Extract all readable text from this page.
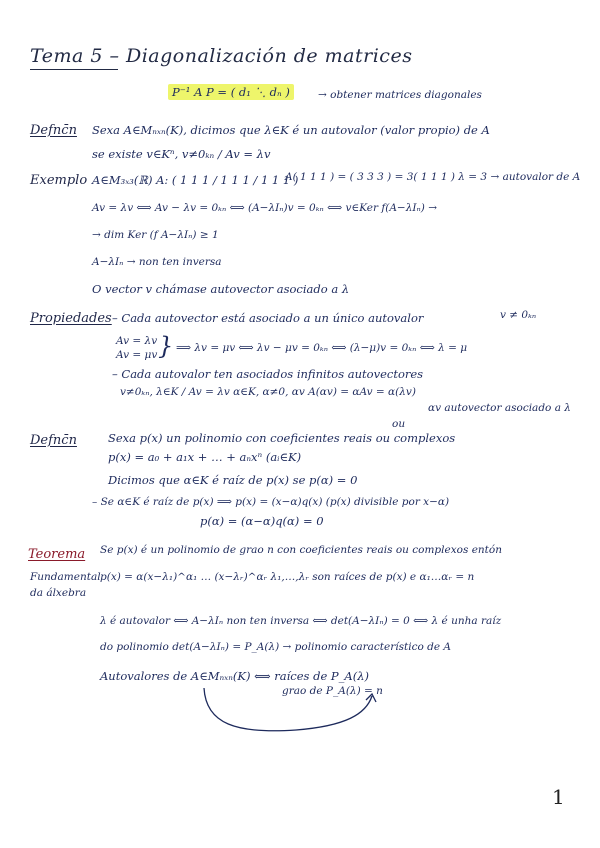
Tema 5 – Diagonalización de matrices
P⁻¹ A P = ( d₁ ⋱ dₙ )	→ obtener matrices diagonales
Defnc̄n Sexa A∈Mₙₓₙ(K), dicimos que λ∈K é un autovalor (valor propio) de A
se existe v∈Kⁿ, v≠0ₖₙ / Av = λv
Exemplo A∈M₃ₓ₃(ℝ) A: ( 1 1 1 / 1 1 1 / 1 1 1 )
A( 1 1 1 ) = ( 3 3 3 ) = 3( 1 1 1 ) λ = 3 → autovalor de A
Av = λv ⟺ Av − λv = 0ₖₙ ⟺ (A−λIₙ)v = 0ₖₙ ⟺ v∈Ker f(A−λIₙ) →
→ dim Ker (f A−λIₙ) ≥ 1
A−λIₙ → non ten inversa
O vector v chámase autovector asociado a λ
Propiedades – Cada autovector está asociado a un único autovalor	v ≠ 0ₖₙ
Av = λv
Av = μv } ⟹ λv = μv ⟺ λv − μv = 0ₖₙ ⟺ (λ−μ)v = 0ₖₙ ⟺ λ = μ
– Cada autovalor ten asociados infinitos autovectores
v≠0ₖₙ, λ∈K / Av = λv α∈K, α≠0, αv A(αv) = αAv = α(λv)
αv autovector asociado a λ
Defnc̄n
ou
Sexa p(x) un polinomio con coeficientes reais ou complexos
p(x) = a₀ + a₁x + … + aₙxⁿ (aᵢ∈K)
Dicimos que α∈K é raíz de p(x) se p(α) = 0
– Se α∈K é raíz de p(x) ⟹ p(x) = (x−α)q(x) (p(x) divisible por x−α)
p(α) = (α−α)q(α) = 0
Teorema
Fundamental
da álxebra
Se p(x) é un polinomio de grao n con coeficientes reais ou complexos entón
p(x) = α(x−λ₁)^α₁ … (x−λᵣ)^αᵣ λ₁,…,λᵣ son raíces de p(x) e α₁…αᵣ = n
λ é autovalor ⟺ A−λIₙ non ten inversa ⟺ det(A−λIₙ) = 0 ⟺ λ é unha raíz
do polinomio det(A−λIₙ) = P_A(λ) → polinomio característico de A
Autovalores de A∈Mₙₓₙ(K) ⟺ raíces de P_A(λ)
grao de P_A(λ) = n
1
